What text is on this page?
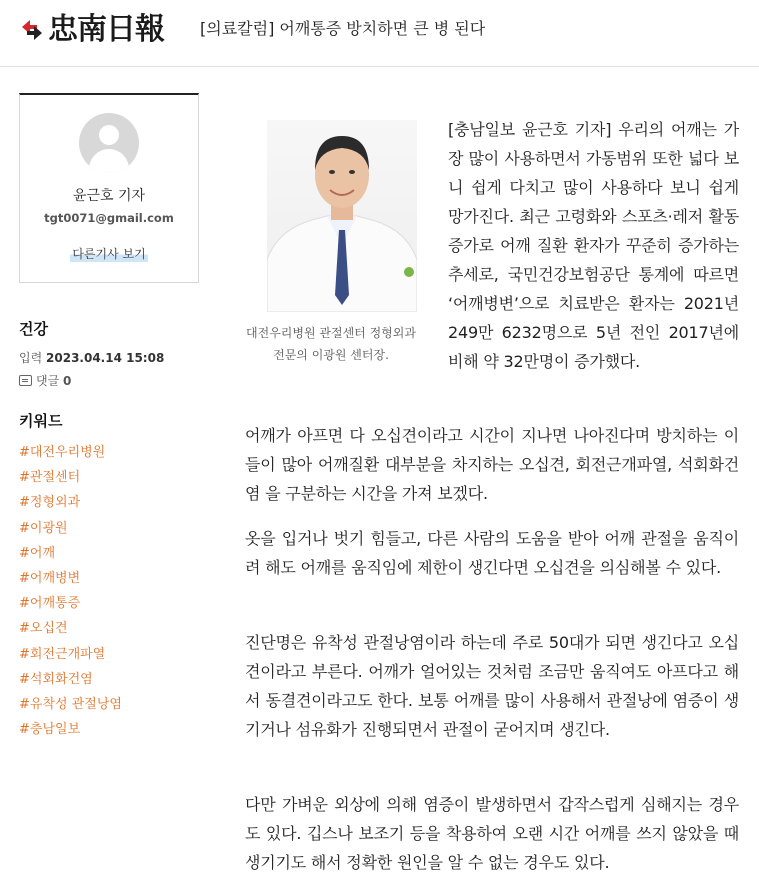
忠南日報 [의료칼럼] 어깨통증 방치하면 큰 병 된다
윤근호 기자
tgt0071@gmail.com
다른기사 보기
건강
입력 2023.04.14 15:08
댓글
0
키워드
#대전우리병원
#관절센터
#정형외과
#이광원
#어깨
#어깨병변
#어깨통증
#오십견
#회전근개파열
#석회화건염
#유착성 관절낭염
#충남일보
대전우리병원 관절센터 정형외과 전문의 이광원 센터장.
[충남일보 윤근호 기자] 우리의 어깨는 가장 많이 사용하면서 가동범위 또한 넓다 보니 쉽게 다치고 많이 사용하다 보니 쉽게 망가진다. 최근 고령화와 스포츠·레저 활동 증가로 어깨 질환 환자가 꾸준히 증가하는 추세로, 국민건강보험공단 통계에 따르면 ‘어깨병변’으로 치료받은 환자는 2021년 249만 6232명으로 5년 전인 2017년에 비해 약 32만명이 증가했다.

어깨가 아프면 다 오십견이라고 시간이 지나면 나아진다며 방치하는 이들이 많아 어깨질환 대부분을 차지하는 오십견, 회전근개파열, 석회화건염 을 구분하는 시간을 가져 보겠다.

옷을 입거나 벗기 힘들고, 다른 사람의 도움을 받아 어깨 관절을 움직이려 해도 어깨를 움직임에 제한이 생긴다면 오십견을 의심해볼 수 있다.

진단명은 유착성 관절낭염이라 하는데 주로 50대가 되면 생긴다고 오십견이라고 부른다. 어깨가 얼어있는 것처럼 조금만 움직여도 아프다고 해서 동결견이라고도 한다. 보통 어깨를 많이 사용해서 관절낭에 염증이 생기거나 섬유화가 진행되면서 관절이 굳어지며 생긴다.

다만 가벼운 외상에 의해 염증이 발생하면서 갑작스럽게 심해지는 경우도 있다. 깁스나 보조기 등을 착용하여 오랜 시간 어깨를 쓰지 않았을 때 생기기도 해서 정확한 원인을 알 수 없는 경우도 있다.
